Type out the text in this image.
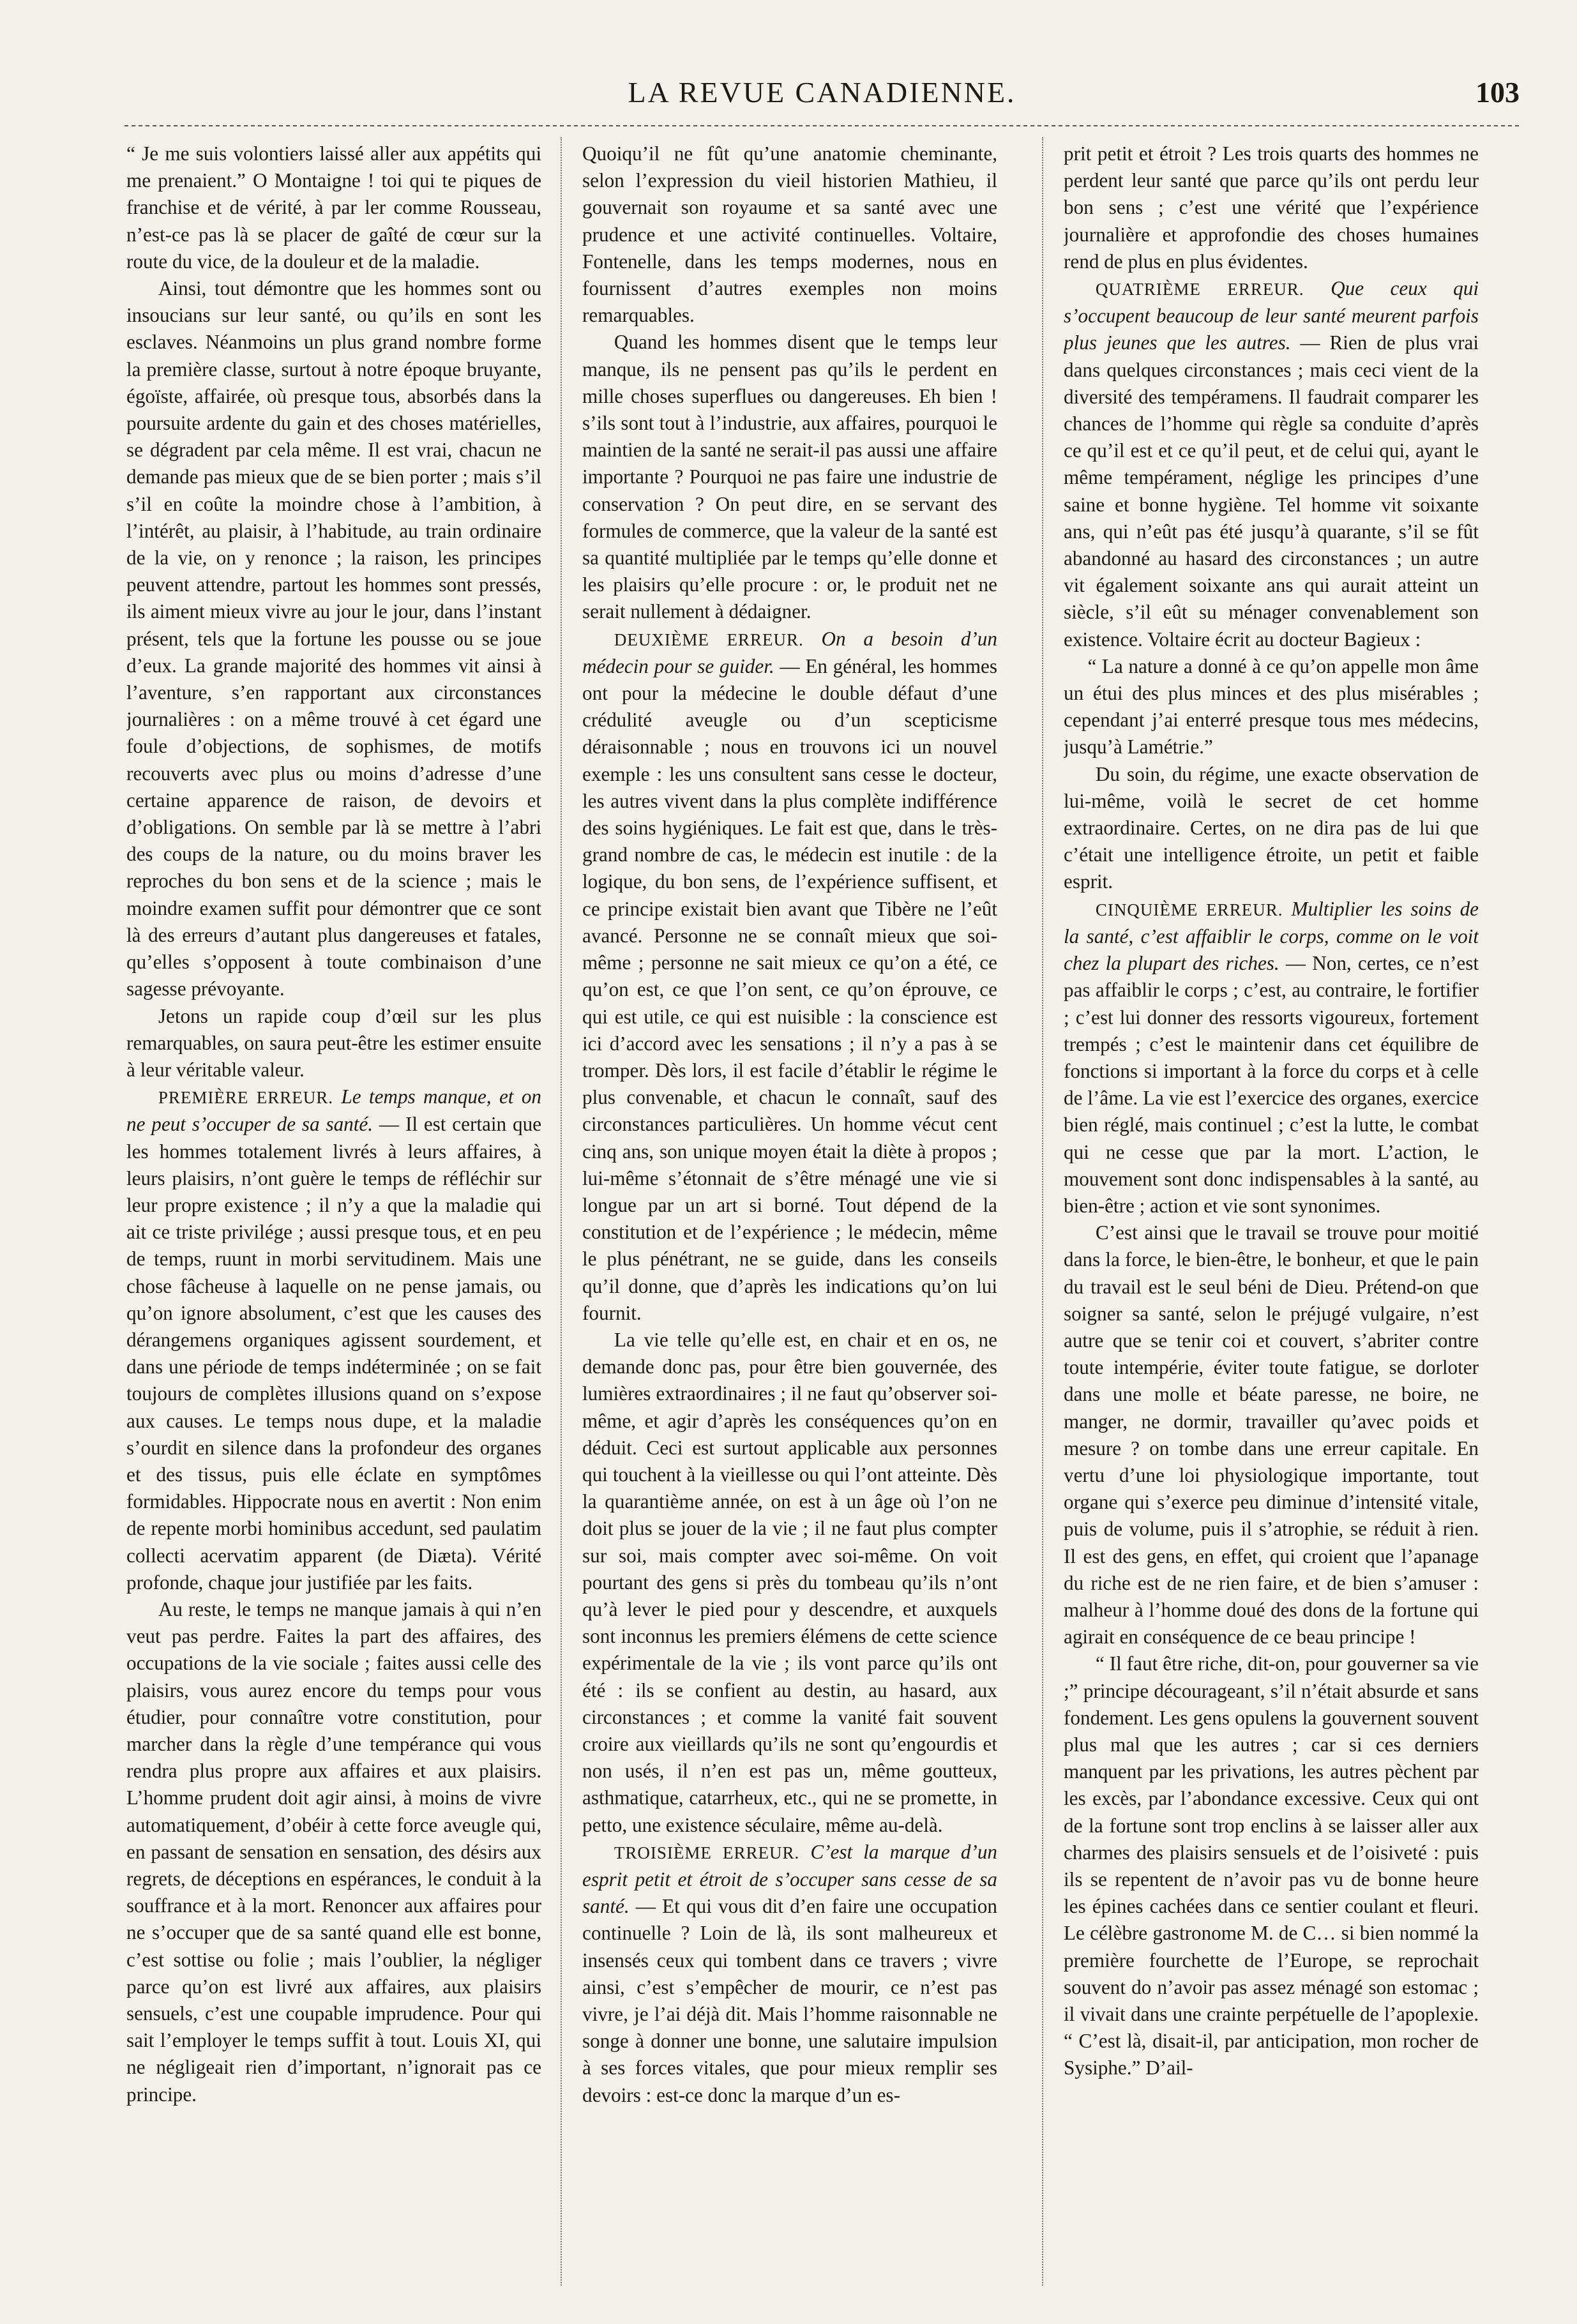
LA REVUE CANADIENNE.	103

“ Je me suis volontiers laissé aller aux appétits qui me prenaient.” O Montaigne ! toi qui te piques de franchise et de vérité, à par ler comme Rousseau, n’est-ce pas là se placer de gaîté de cœur sur la route du vice, de la douleur et de la maladie.

Ainsi, tout démontre que les hommes sont ou insoucians sur leur santé, ou qu’ils en sont les esclaves. Néanmoins un plus grand nombre forme la première classe, surtout à notre époque bruyante, égoïste, affairée, où presque tous, absorbés dans la poursuite ardente du gain et des choses matérielles, se dégradent par cela même. Il est vrai, chacun ne demande pas mieux que de se bien porter ; mais s’il s’il en coûte la moindre chose à l’ambition, à l’intérêt, au plaisir, à l’habitude, au train ordinaire de la vie, on y renonce ; la raison, les principes peuvent attendre, partout les hommes sont pressés, ils aiment mieux vivre au jour le jour, dans l’instant présent, tels que la fortune les pousse ou se joue d’eux. La grande majorité des hommes vit ainsi à l’aventure, s’en rapportant aux circonstances journalières : on a même trouvé à cet égard une foule d’objections, de sophismes, de motifs recouverts avec plus ou moins d’adresse d’une certaine apparence de raison, de devoirs et d’obligations. On semble par là se mettre à l’abri des coups de la nature, ou du moins braver les reproches du bon sens et de la science ; mais le moindre examen suffit pour démontrer que ce sont là des erreurs d’autant plus dangereuses et fatales, qu’elles s’opposent à toute combinaison d’une sagesse prévoyante.

Jetons un rapide coup d’œil sur les plus remarquables, on saura peut-être les estimer ensuite à leur véritable valeur.

PREMIÈRE ERREUR. Le temps manque, et on ne peut s’occuper de sa santé. — Il est certain que les hommes totalement livrés à leurs affaires, à leurs plaisirs, n’ont guère le temps de réfléchir sur leur propre existence ; il n’y a que la maladie qui ait ce triste privilége ; aussi presque tous, et en peu de temps, ruunt in morbi servitudinem. Mais une chose fâcheuse à laquelle on ne pense jamais, ou qu’on ignore absolument, c’est que les causes des dérangemens organiques agissent sourdement, et dans une période de temps indéterminée ; on se fait toujours de complètes illusions quand on s’expose aux causes. Le temps nous dupe, et la maladie s’ourdit en silence dans la profondeur des organes et des tissus, puis elle éclate en symptômes formidables. Hippocrate nous en avertit : Non enim de repente morbi hominibus accedunt, sed paulatim collecti acervatim apparent (de Diæta). Vérité profonde, chaque jour justifiée par les faits.

Au reste, le temps ne manque jamais à qui n’en veut pas perdre. Faites la part des affaires, des occupations de la vie sociale ; faites aussi celle des plaisirs, vous aurez encore du temps pour vous étudier, pour connaître votre constitution, pour marcher dans la règle d’une tempérance qui vous rendra plus propre aux affaires et aux plaisirs. L’homme prudent doit agir ainsi, à moins de vivre automatiquement, d’obéir à cette force aveugle qui, en passant de sensation en sensation, des désirs aux regrets, de déceptions en espérances, le conduit à la souffrance et à la mort. Renoncer aux affaires pour ne s’occuper que de sa santé quand elle est bonne, c’est sottise ou folie ; mais l’oublier, la négliger parce qu’on est livré aux affaires, aux plaisirs sensuels, c’est une coupable imprudence. Pour qui sait l’employer le temps suffit à tout. Louis XI, qui ne négligeait rien d’important, n’ignorait pas ce principe.

Quoiqu’il ne fût qu’une anatomie cheminante, selon l’expression du vieil historien Mathieu, il gouvernait son royaume et sa santé avec une prudence et une activité continuelles. Voltaire, Fontenelle, dans les temps modernes, nous en fournissent d’autres exemples non moins remarquables.

Quand les hommes disent que le temps leur manque, ils ne pensent pas qu’ils le perdent en mille choses superflues ou dangereuses. Eh bien ! s’ils sont tout à l’industrie, aux affaires, pourquoi le maintien de la santé ne serait-il pas aussi une affaire importante ? Pourquoi ne pas faire une industrie de conservation ? On peut dire, en se servant des formules de commerce, que la valeur de la santé est sa quantité multipliée par le temps qu’elle donne et les plaisirs qu’elle procure : or, le produit net ne serait nullement à dédaigner.

DEUXIÈME ERREUR. On a besoin d’un médecin pour se guider. — En général, les hommes ont pour la médecine le double défaut d’une crédulité aveugle ou d’un scepticisme déraisonnable ; nous en trouvons ici un nouvel exemple : les uns consultent sans cesse le docteur, les autres vivent dans la plus complète indifférence des soins hygiéniques. Le fait est que, dans le très-grand nombre de cas, le médecin est inutile : de la logique, du bon sens, de l’expérience suffisent, et ce principe existait bien avant que Tibère ne l’eût avancé. Personne ne se connaît mieux que soi-même ; personne ne sait mieux ce qu’on a été, ce qu’on est, ce que l’on sent, ce qu’on éprouve, ce qui est utile, ce qui est nuisible : la conscience est ici d’accord avec les sensations ; il n’y a pas à se tromper. Dès lors, il est facile d’établir le régime le plus convenable, et chacun le connaît, sauf des circonstances particulières. Un homme vécut cent cinq ans, son unique moyen était la diète à propos ; lui-même s’étonnait de s’être ménagé une vie si longue par un art si borné. Tout dépend de la constitution et de l’expérience ; le médecin, même le plus pénétrant, ne se guide, dans les conseils qu’il donne, que d’après les indications qu’on lui fournit.

La vie telle qu’elle est, en chair et en os, ne demande donc pas, pour être bien gouvernée, des lumières extraordinaires ; il ne faut qu’observer soi-même, et agir d’après les conséquences qu’on en déduit. Ceci est surtout applicable aux personnes qui touchent à la vieillesse ou qui l’ont atteinte. Dès la quarantième année, on est à un âge où l’on ne doit plus se jouer de la vie ; il ne faut plus compter sur soi, mais compter avec soi-même. On voit pourtant des gens si près du tombeau qu’ils n’ont qu’à lever le pied pour y descendre, et auxquels sont inconnus les premiers élémens de cette science expérimentale de la vie ; ils vont parce qu’ils ont été : ils se confient au destin, au hasard, aux circonstances ; et comme la vanité fait souvent croire aux vieillards qu’ils ne sont qu’engourdis et non usés, il n’en est pas un, même goutteux, asthmatique, catarrheux, etc., qui ne se promette, in petto, une existence séculaire, même au-delà.

TROISIÈME ERREUR. C’est la marque d’un esprit petit et étroit de s’occuper sans cesse de sa santé. — Et qui vous dit d’en faire une occupation continuelle ? Loin de là, ils sont malheureux et insensés ceux qui tombent dans ce travers ; vivre ainsi, c’est s’empêcher de mourir, ce n’est pas vivre, je l’ai déjà dit. Mais l’homme raisonnable ne songe à donner une bonne, une salutaire impulsion à ses forces vitales, que pour mieux remplir ses devoirs : est-ce donc la marque d’un es-

prit petit et étroit ? Les trois quarts des hommes ne perdent leur santé que parce qu’ils ont perdu leur bon sens ; c’est une vérité que l’expérience journalière et approfondie des choses humaines rend de plus en plus évidentes.

QUATRIÈME ERREUR. Que ceux qui s’occupent beaucoup de leur santé meurent parfois plus jeunes que les autres. — Rien de plus vrai dans quelques circonstances ; mais ceci vient de la diversité des tempéramens. Il faudrait comparer les chances de l’homme qui règle sa conduite d’après ce qu’il est et ce qu’il peut, et de celui qui, ayant le même tempérament, néglige les principes d’une saine et bonne hygiène. Tel homme vit soixante ans, qui n’eût pas été jusqu’à quarante, s’il se fût abandonné au hasard des circonstances ; un autre vit également soixante ans qui aurait atteint un siècle, s’il eût su ménager convenablement son existence. Voltaire écrit au docteur Bagieux :

“ La nature a donné à ce qu’on appelle mon âme un étui des plus minces et des plus misérables ; cependant j’ai enterré presque tous mes médecins, jusqu’à Lamétrie.”

Du soin, du régime, une exacte observation de lui-même, voilà le secret de cet homme extraordinaire. Certes, on ne dira pas de lui que c’était une intelligence étroite, un petit et faible esprit.

CINQUIÈME ERREUR. Multiplier les soins de la santé, c’est affaiblir le corps, comme on le voit chez la plupart des riches. — Non, certes, ce n’est pas affaiblir le corps ; c’est, au contraire, le fortifier ; c’est lui donner des ressorts vigoureux, fortement trempés ; c’est le maintenir dans cet équilibre de fonctions si important à la force du corps et à celle de l’âme. La vie est l’exercice des organes, exercice bien réglé, mais continuel ; c’est la lutte, le combat qui ne cesse que par la mort. L’action, le mouvement sont donc indispensables à la santé, au bien-être ; action et vie sont synonimes.

C’est ainsi que le travail se trouve pour moitié dans la force, le bien-être, le bonheur, et que le pain du travail est le seul béni de Dieu. Prétend-on que soigner sa santé, selon le préjugé vulgaire, n’est autre que se tenir coi et couvert, s’abriter contre toute intempérie, éviter toute fatigue, se dorloter dans une molle et béate paresse, ne boire, ne manger, ne dormir, travailler qu’avec poids et mesure ? on tombe dans une erreur capitale. En vertu d’une loi physiologique importante, tout organe qui s’exerce peu diminue d’intensité vitale, puis de volume, puis il s’atrophie, se réduit à rien. Il est des gens, en effet, qui croient que l’apanage du riche est de ne rien faire, et de bien s’amuser : malheur à l’homme doué des dons de la fortune qui agirait en conséquence de ce beau principe !

“ Il faut être riche, dit-on, pour gouverner sa vie ;” principe décourageant, s’il n’était absurde et sans fondement. Les gens opulens la gouvernent souvent plus mal que les autres ; car si ces derniers manquent par les privations, les autres pèchent par les excès, par l’abondance excessive. Ceux qui ont de la fortune sont trop enclins à se laisser aller aux charmes des plaisirs sensuels et de l’oisiveté : puis ils se repentent de n’avoir pas vu de bonne heure les épines cachées dans ce sentier coulant et fleuri. Le célèbre gastronome M. de C… si bien nommé la première fourchette de l’Europe, se reprochait souvent do n’avoir pas assez ménagé son estomac ; il vivait dans une crainte perpétuelle de l’apoplexie. “ C’est là, disait-il, par anticipation, mon rocher de Sysiphe.” D’ail-
